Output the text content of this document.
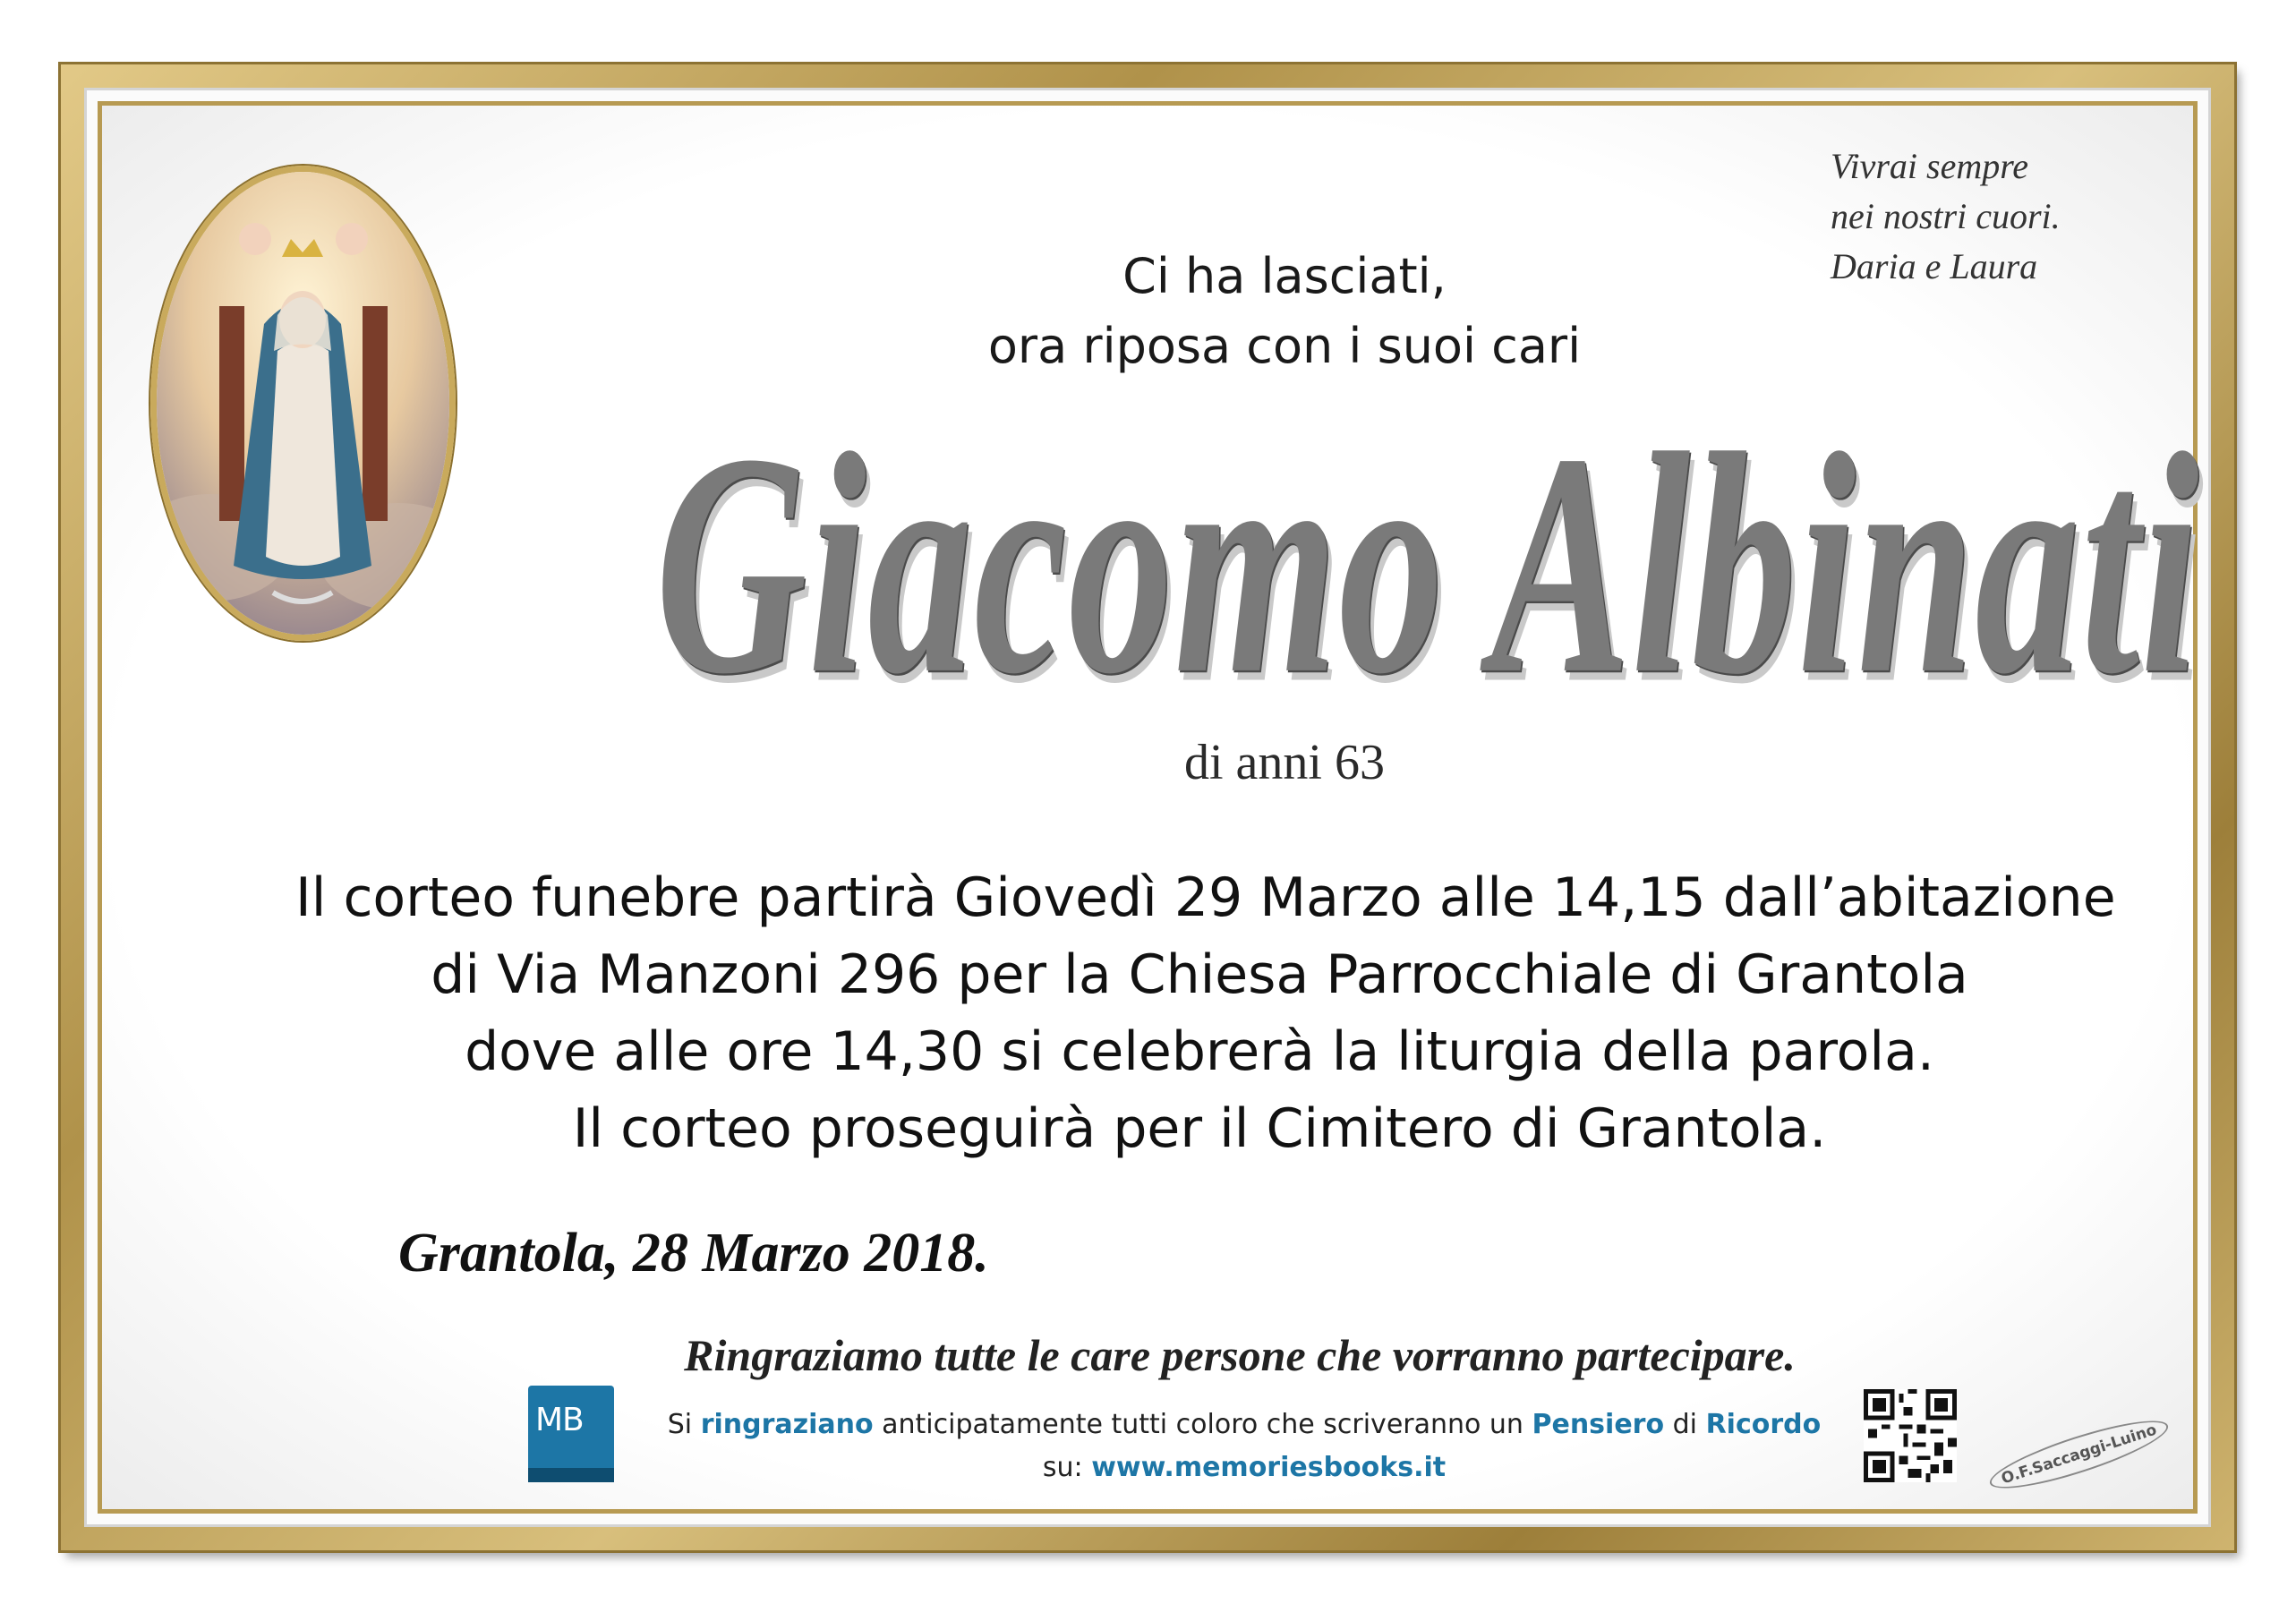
Vivrai sempre
nei nostri cuori.
Daria e Laura
Ci ha lasciati,
ora riposa con i suoi cari
Giacomo Albinati
di anni 63
Il corteo funebre partirà Giovedì 29 Marzo alle 14,15 dall’abitazione
di Via Manzoni 296 per la Chiesa Parrocchiale di Grantola
dove alle ore 14,30 si celebrerà la liturgia della parola.
Il corteo proseguirà per il Cimitero di Grantola.
Grantola, 28 Marzo 2018.
Ringraziamo tutte le care persone che vorranno partecipare.
MB	Si ringraziano anticipatamente tutti coloro che scriveranno un Pensiero di Ricordo
su: www.memoriesbooks.it	O.F.Saccaggi-Luino
